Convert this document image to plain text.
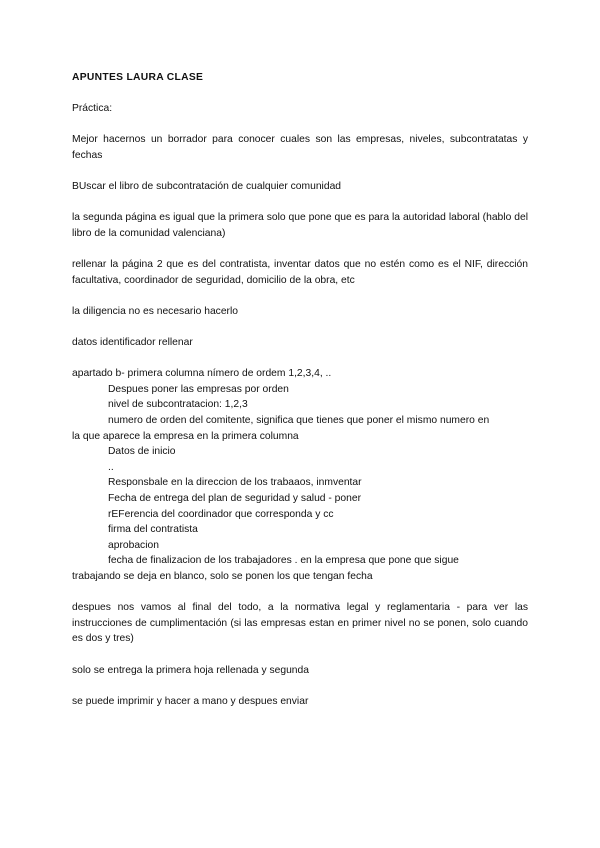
APUNTES LAURA CLASE

Práctica:

Mejor hacernos un borrador para conocer cuales son las empresas, niveles, subcontratatas y fechas

BUscar el libro de subcontratación de cualquier comunidad

la segunda página es igual que la primera solo que pone que es para la autoridad laboral (hablo del libro de la comunidad valenciana)

rellenar la página 2 que es del contratista, inventar datos que no estén como es el NIF, dirección facultativa, coordinador de seguridad, domicilio de la obra, etc

la diligencia no es necesario hacerlo

datos identificador rellenar

apartado b- primera columna nímero de ordem 1,2,3,4, ..

Despues poner las empresas por orden
nivel de subcontratacion: 1,2,3
numero de orden del comitente, significa que tienes que poner el mismo numero en

la que aparece la empresa en la primera columna

Datos de inicio
..
Responsbale en la direccion de los trabaaos, inmventar
Fecha de entrega del plan de seguridad y salud - poner
rEFerencia del coordinador que corresponda y cc
firma del contratista
aprobacion
fecha de finalizacion de los trabajadores . en la empresa que pone que sigue

trabajando se deja en blanco, solo se ponen los que tengan fecha

despues nos vamos al final del todo, a la normativa legal y reglamentaria - para ver las instrucciones de cumplimentación (si las empresas estan en primer nivel no se ponen, solo cuando es dos y tres)

solo se entrega la primera hoja rellenada y segunda

se puede imprimir y hacer a mano y despues enviar
